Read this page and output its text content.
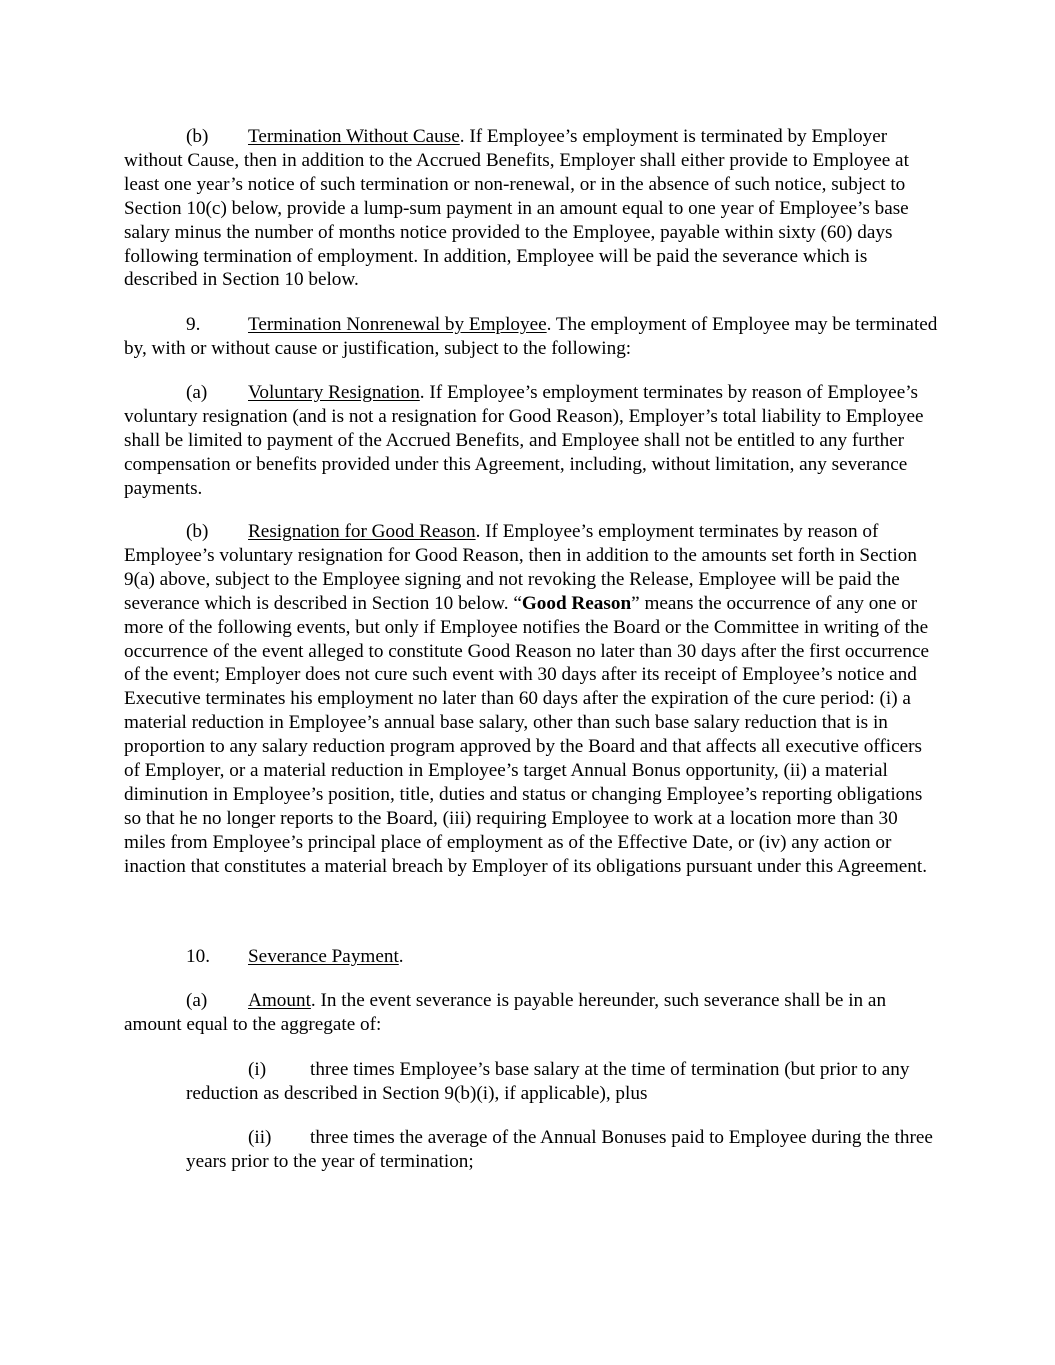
(b) Termination Without Cause. If Employee’s employment is terminated by Employer without Cause, then in addition to the Accrued Benefits, Employer shall either provide to Employee at least one year’s notice of such termination or non-renewal, or in the absence of such notice, subject to Section 10(c) below, provide a lump-sum payment in an amount equal to one year of Employee’s base salary minus the number of months notice provided to the Employee, payable within sixty (60) days following termination of employment. In addition, Employee will be paid the severance which is described in Section 10 below.

9. Termination Nonrenewal by Employee. The employment of Employee may be terminated by, with or without cause or justification, subject to the following:

(a) Voluntary Resignation. If Employee’s employment terminates by reason of Employee’s voluntary resignation (and is not a resignation for Good Reason), Employer’s total liability to Employee shall be limited to payment of the Accrued Benefits, and Employee shall not be entitled to any further compensation or benefits provided under this Agreement, including, without limitation, any severance payments.

(b) Resignation for Good Reason. If Employee’s employment terminates by reason of Employee’s voluntary resignation for Good Reason, then in addition to the amounts set forth in Section 9(a) above, subject to the Employee signing and not revoking the Release, Employee will be paid the severance which is described in Section 10 below. “Good Reason” means the occurrence of any one or more of the following events, but only if Employee notifies the Board or the Committee in writing of the occurrence of the event alleged to constitute Good Reason no later than 30 days after the first occurrence of the event; Employer does not cure such event with 30 days after its receipt of Employee’s notice and Executive terminates his employment no later than 60 days after the expiration of the cure period: (i) a material reduction in Employee’s annual base salary, other than such base salary reduction that is in proportion to any salary reduction program approved by the Board and that affects all executive officers of Employer, or a material reduction in Employee’s target Annual Bonus opportunity, (ii) a material diminution in Employee’s position, title, duties and status or changing Employee’s reporting obligations so that he no longer reports to the Board, (iii) requiring Employee to work at a location more than 30 miles from Employee’s principal place of employment as of the Effective Date, or (iv) any action or inaction that constitutes a material breach by Employer of its obligations pursuant under this Agreement.

10. Severance Payment.

(a) Amount. In the event severance is payable hereunder, such severance shall be in an amount equal to the aggregate of:

(i) three times Employee’s base salary at the time of termination (but prior to any reduction as described in Section 9(b)(i), if applicable), plus

(ii) three times the average of the Annual Bonuses paid to Employee during the three years prior to the year of termination;
